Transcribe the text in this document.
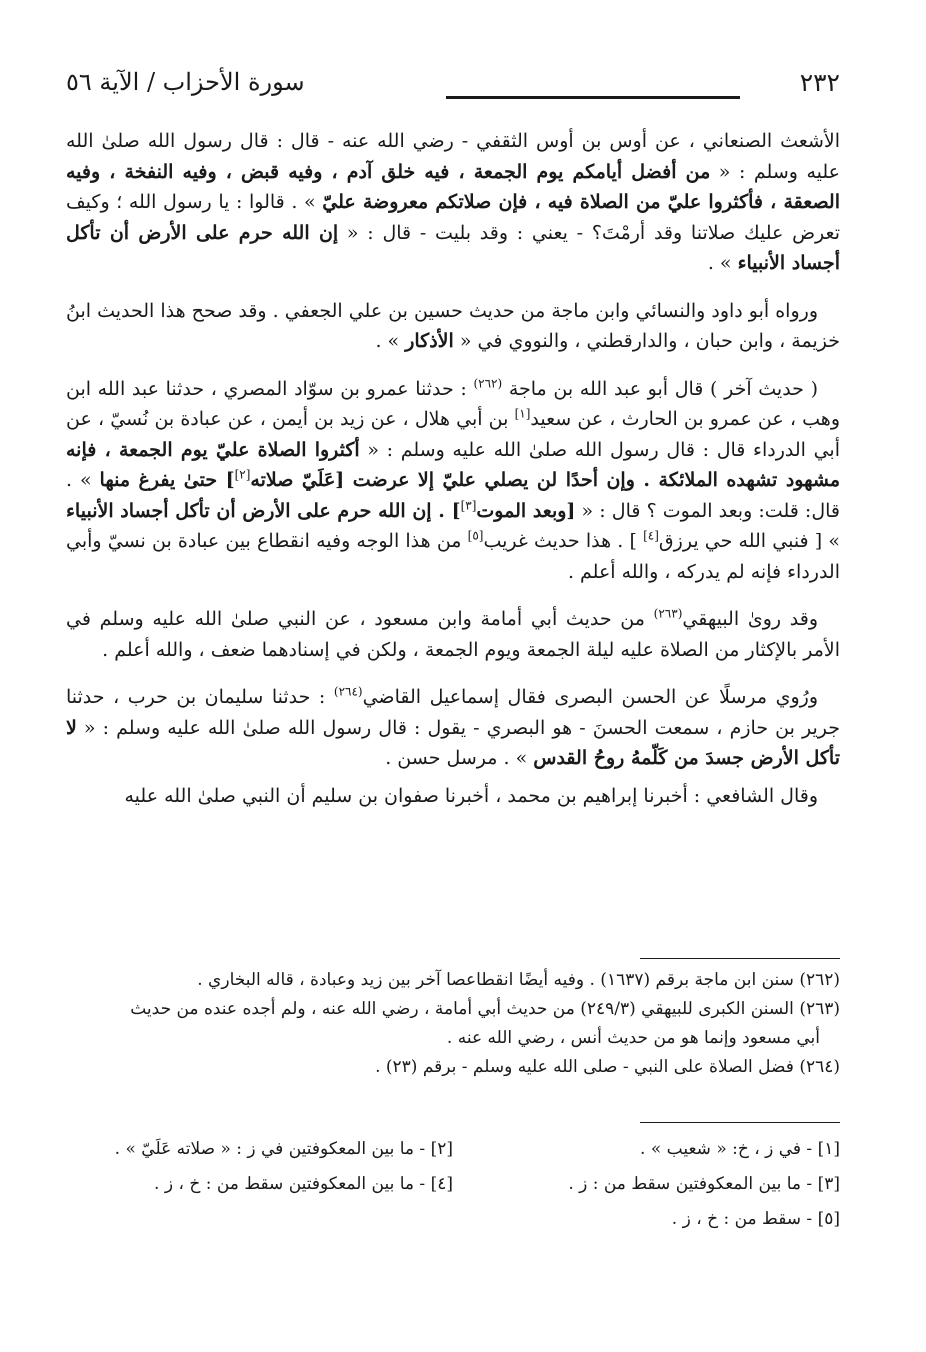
٢٣٢
سورة الأحزاب / الآية ٥٦

الأشعث الصنعاني ، عن أوس بن أوس الثقفي - رضي الله عنه - قال : قال رسول الله صلىٰ الله عليه وسلم : « من أفضل أيامكم يوم الجمعة ، فيه خلق آدم ، وفيه قبض ، وفيه النفخة ، وفيه الصعقة ، فأكثروا عليّ من الصلاة فيه ، فإن صلاتكم معروضة عليّ » . قالوا : يا رسول الله ؛ وكيف تعرض عليك صلاتنا وقد أرمْتَ؟ - يعني : وقد بليت - قال : « إن الله حرم على الأرض أن تأكل أجساد الأنبياء » .

ورواه أبو داود والنسائي وابن ماجة من حديث حسين بن علي الجعفي . وقد صحح هذا الحديث ابنُ خزيمة ، وابن حبان ، والدارقطني ، والنووي في « الأذكار » .

( حديث آخر ) قال أبو عبد الله بن ماجة $^{(٢٦٢)}$ : حدثنا عمرو بن سوّاد المصري ، حدثنا عبد الله ابن وهب ، عن عمرو بن الحارث ، عن سعيد[١] بن أبي هلال ، عن زيد بن أيمن ، عن عبادة بن نُسيّ ، عن أبي الدرداء قال : قال رسول الله صلىٰ الله عليه وسلم : « أكثروا الصلاة عليّ يوم الجمعة ، فإنه مشهود تشهده الملائكة . وإن أحدًا لن يصلي عليّ إلا عرضت [عَلَيّ صلاته[٢]] حتىٰ يفرغ منها » . قال: قلت: وبعد الموت ؟ قال : « [وبعد الموت[٣]] . إن الله حرم على الأرض أن تأكل أجساد الأنبياء » [ فنبي الله حي يرزق[٤] ] . هذا حديث غريب[٥] من هذا الوجه وفيه انقطاع بين عبادة بن نسيّ وأبي الدرداء فإنه لم يدركه ، والله أعلم .

وقد روىٰ البيهقي$^{(٢٦٣)}$ من حديث أبي أمامة وابن مسعود ، عن النبي صلىٰ الله عليه وسلم في الأمر بالإكثار من الصلاة عليه ليلة الجمعة ويوم الجمعة ، ولكن في إسنادهما ضعف ، والله أعلم .

ورُوي مرسلًا عن الحسن البصرى فقال إسماعيل القاضي$^{(٢٦٤)}$ : حدثنا سليمان بن حرب ، حدثنا جرير بن حازم ، سمعت الحسنَ - هو البصري - يقول : قال رسول الله صلىٰ الله عليه وسلم : « لا تأكل الأرض جسدَ من كَلّمهُ روحُ القدس » . مرسل حسن .

وقال الشافعي : أخبرنا إبراهيم بن محمد ، أخبرنا صفوان بن سليم أن النبي صلىٰ الله عليه

(٢٦٢) سنن ابن ماجة برقم (١٦٣٧) . وفيه أيضًا انقطاعصا آخر بين زيد وعبادة ، قاله البخاري .
(٢٦٣) السنن الكبرى للبيهقي (٢٤٩/٣) من حديث أبي أمامة ، رضي الله عنه ، ولم أجده عنده من حديث
أبي مسعود وإنما هو من حديث أنس ، رضي الله عنه .
(٢٦٤) فضل الصلاة على النبي - صلى الله عليه وسلم - برقم (٢٣) .
[١] - في ز ، خ: « شعيب » .
[٢] - ما بين المعكوفتين في ز : « صلاته عَلَيّ » .
[٣] - ما بين المعكوفتين سقط من : ز .
[٤] - ما بين المعكوفتين سقط من : خ ، ز .
[٥] - سقط من : خ ، ز .
